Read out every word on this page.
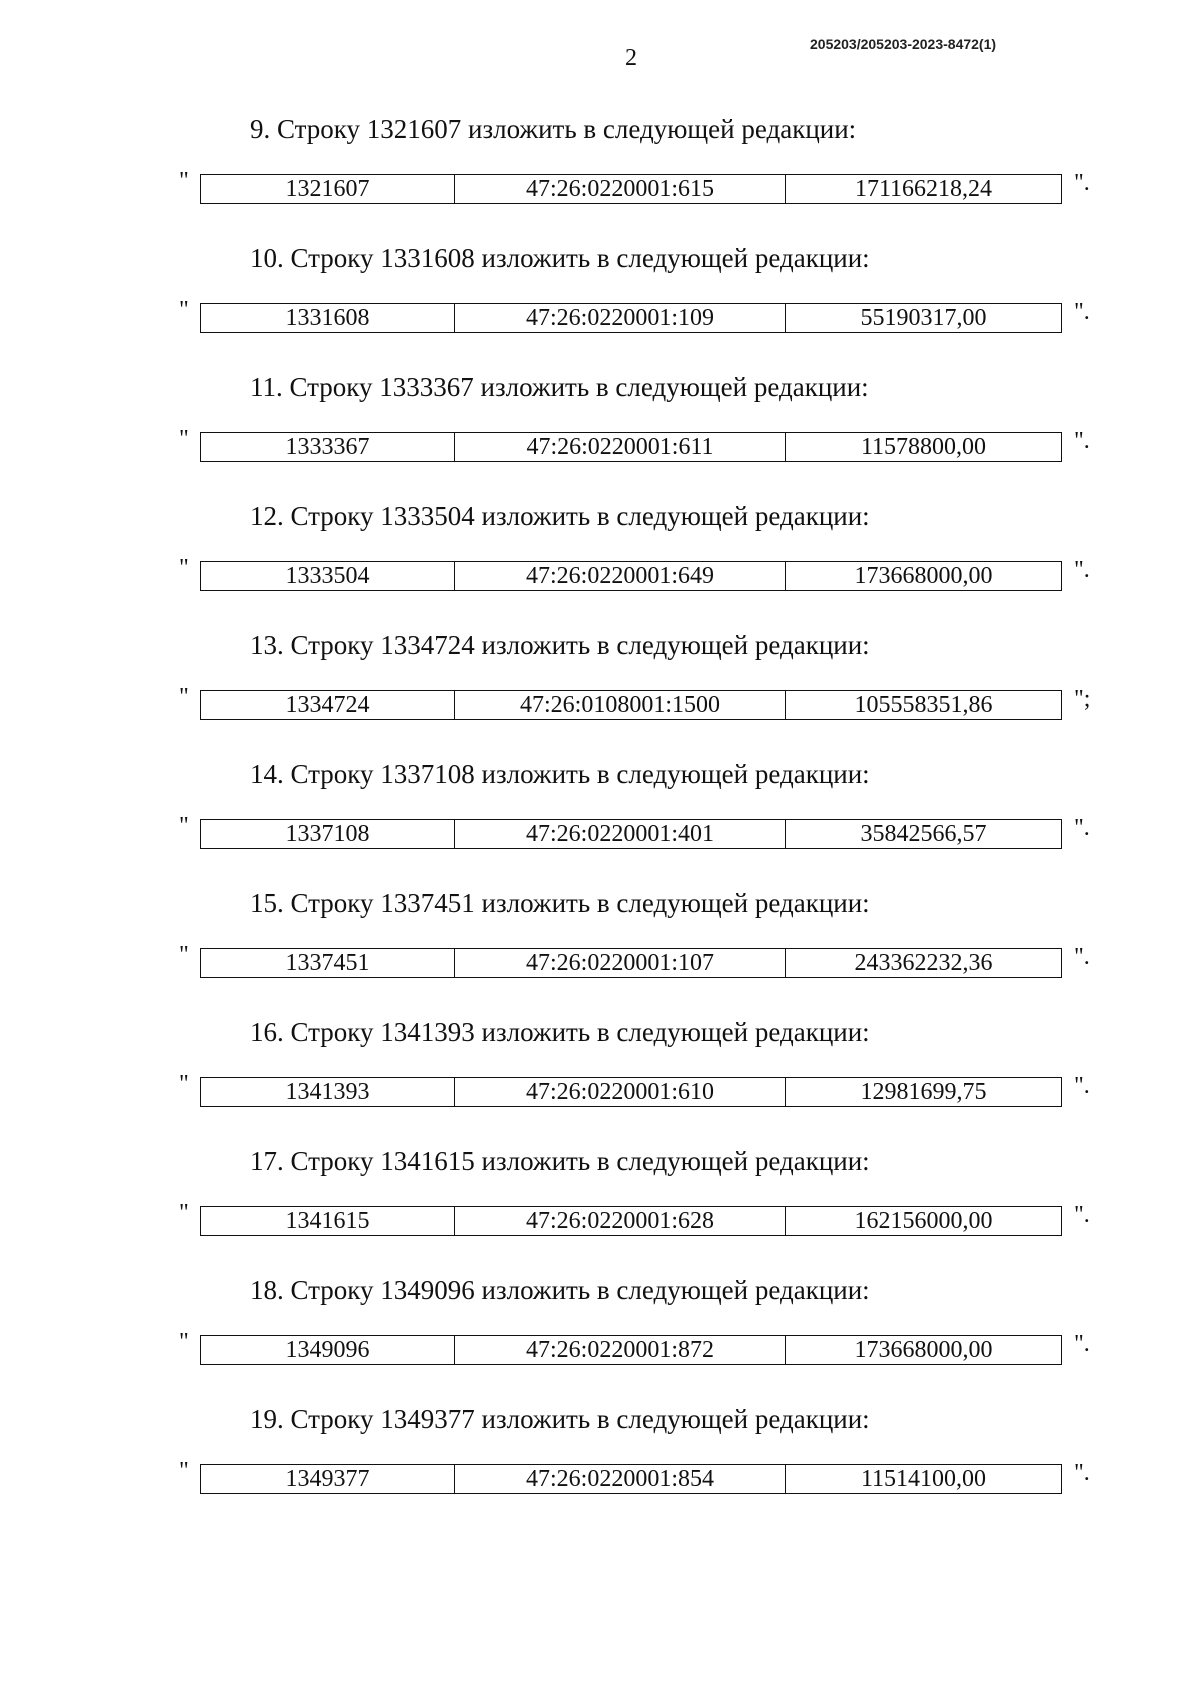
205203/205203-2023-8472(1)
2
9. Строку 1321607 изложить в следующей редакции:
"	1321607	47:26:0220001:615	171166218,24	".
10. Строку 1331608 изложить в следующей редакции:
"	1331608	47:26:0220001:109	55190317,00	".
11. Строку 1333367 изложить в следующей редакции:
"	1333367	47:26:0220001:611	11578800,00	".
12. Строку 1333504 изложить в следующей редакции:
"	1333504	47:26:0220001:649	173668000,00	".
13. Строку 1334724 изложить в следующей редакции:
"	1334724	47:26:0108001:1500	105558351,86	";
14. Строку 1337108 изложить в следующей редакции:
"	1337108	47:26:0220001:401	35842566,57	".
15. Строку 1337451 изложить в следующей редакции:
"	1337451	47:26:0220001:107	243362232,36	".
16. Строку 1341393 изложить в следующей редакции:
"	1341393	47:26:0220001:610	12981699,75	".
17. Строку 1341615 изложить в следующей редакции:
"	1341615	47:26:0220001:628	162156000,00	".
18. Строку 1349096 изложить в следующей редакции:
"	1349096	47:26:0220001:872	173668000,00	".
19. Строку 1349377 изложить в следующей редакции:
"	1349377	47:26:0220001:854	11514100,00	".
